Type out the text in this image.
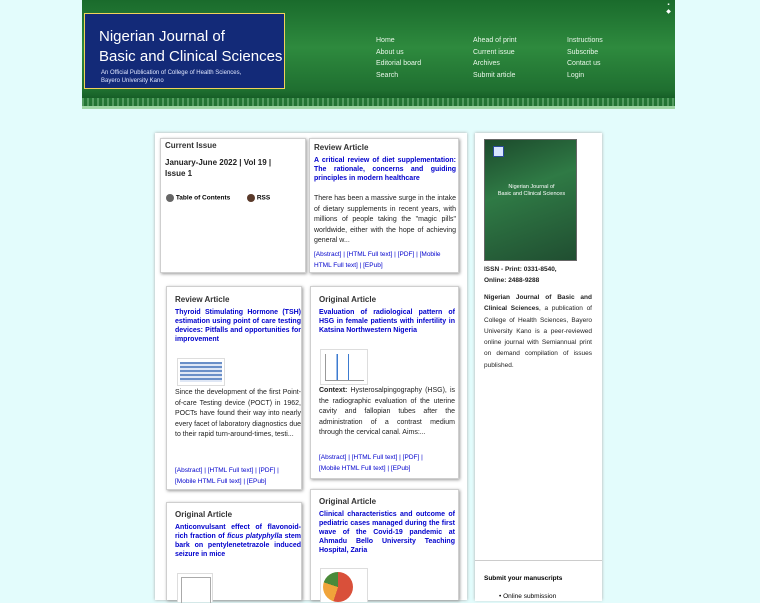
Nigerian Journal of
Basic and Clinical Sciences
An Official Publication of College of Health Sciences,
Bayero University Kano
Home
About us
Editorial board
Search
Ahead of print
Current issue
Archives
Submit article
Instructions
Subscribe
Contact us
Login
▪
◆
Current Issue
January-June 2022 | Vol 19 |
Issue 1
Table of Contents	RSS
Review Article
A critical review of diet supplementation: The rationale, concerns and guiding principles in modern healthcare
There has been a massive surge in the intake of dietary supplements in recent years, with millions of people taking the "magic pills" worldwide, either with the hope of achieving general w...
[Abstract] | [HTML Full text] | [PDF] | [Mobile
HTML Full text] | [EPub]
Review Article
Thyroid Stimulating Hormone (TSH) estimation using point of care testing devices: Pitfalls and opportunities for improvement
Since the development of the first Point-of-care Testing device (POCT) in 1962, POCTs have found their way into nearly every facet of laboratory diagnostics due to their rapid turn-around-times, testi...
[Abstract] | [HTML Full text] | [PDF] |
[Mobile HTML Full text] | [EPub]
Original Article
Evaluation of radiological pattern of HSG in female patients with infertility in Katsina Northwestern Nigeria
Context: Hysterosalpingography (HSG), is the radiographic evaluation of the uterine cavity and fallopian tubes after the administration of a contrast medium through the cervical canal. Aims:...
[Abstract] | [HTML Full text] | [PDF] |
[Mobile HTML Full text] | [EPub]
Original Article
Anticonvulsant effect of flavonoid-rich fraction of ficus platyphylla stem bark on pentylenetetrazole induced seizure in mice
Original Article
Clinical characteristics and outcome of pediatric cases managed during the first wave of the Covid-19 pandemic at Ahmadu Bello University Teaching Hospital, Zaria
Nigerian Journal of
Basic and Clinical Sciences
ISSN - Print: 0331-8540,
Online: 2488-9288
Nigerian Journal of Basic and Clinical Sciences, a publication of College of Health Sciences, Bayero University Kano is a peer-reviewed online journal with Semiannual print on demand compilation of issues published.
Submit your manuscripts
• Online submission
